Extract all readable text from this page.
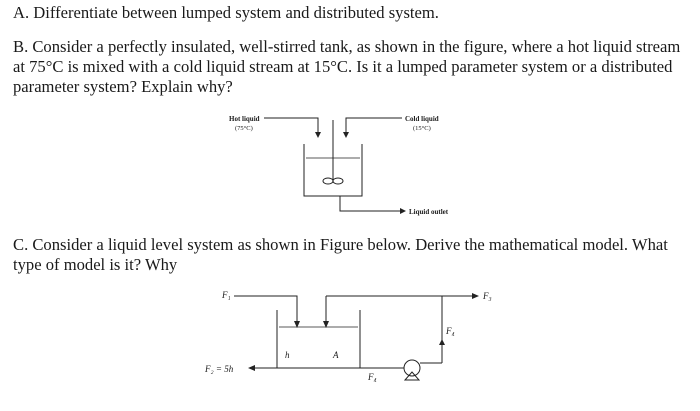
A. Differentiate between lumped system and distributed system.

B. Consider a perfectly insulated, well-stirred tank, as shown in the figure, where a hot liquid stream at 75°C is mixed with a cold liquid stream at 15°C. Is it a lumped parameter system or a distributed parameter system? Explain why?

C. Consider a liquid level system as shown in Figure below. Derive the mathematical model. What type of model is it? Why

Hot liquid
(75°C)
Cold liquid
(15°C)
Liquid outlet
F₁	F₃
F₄
F₄
h	A
F₂ = 5h
